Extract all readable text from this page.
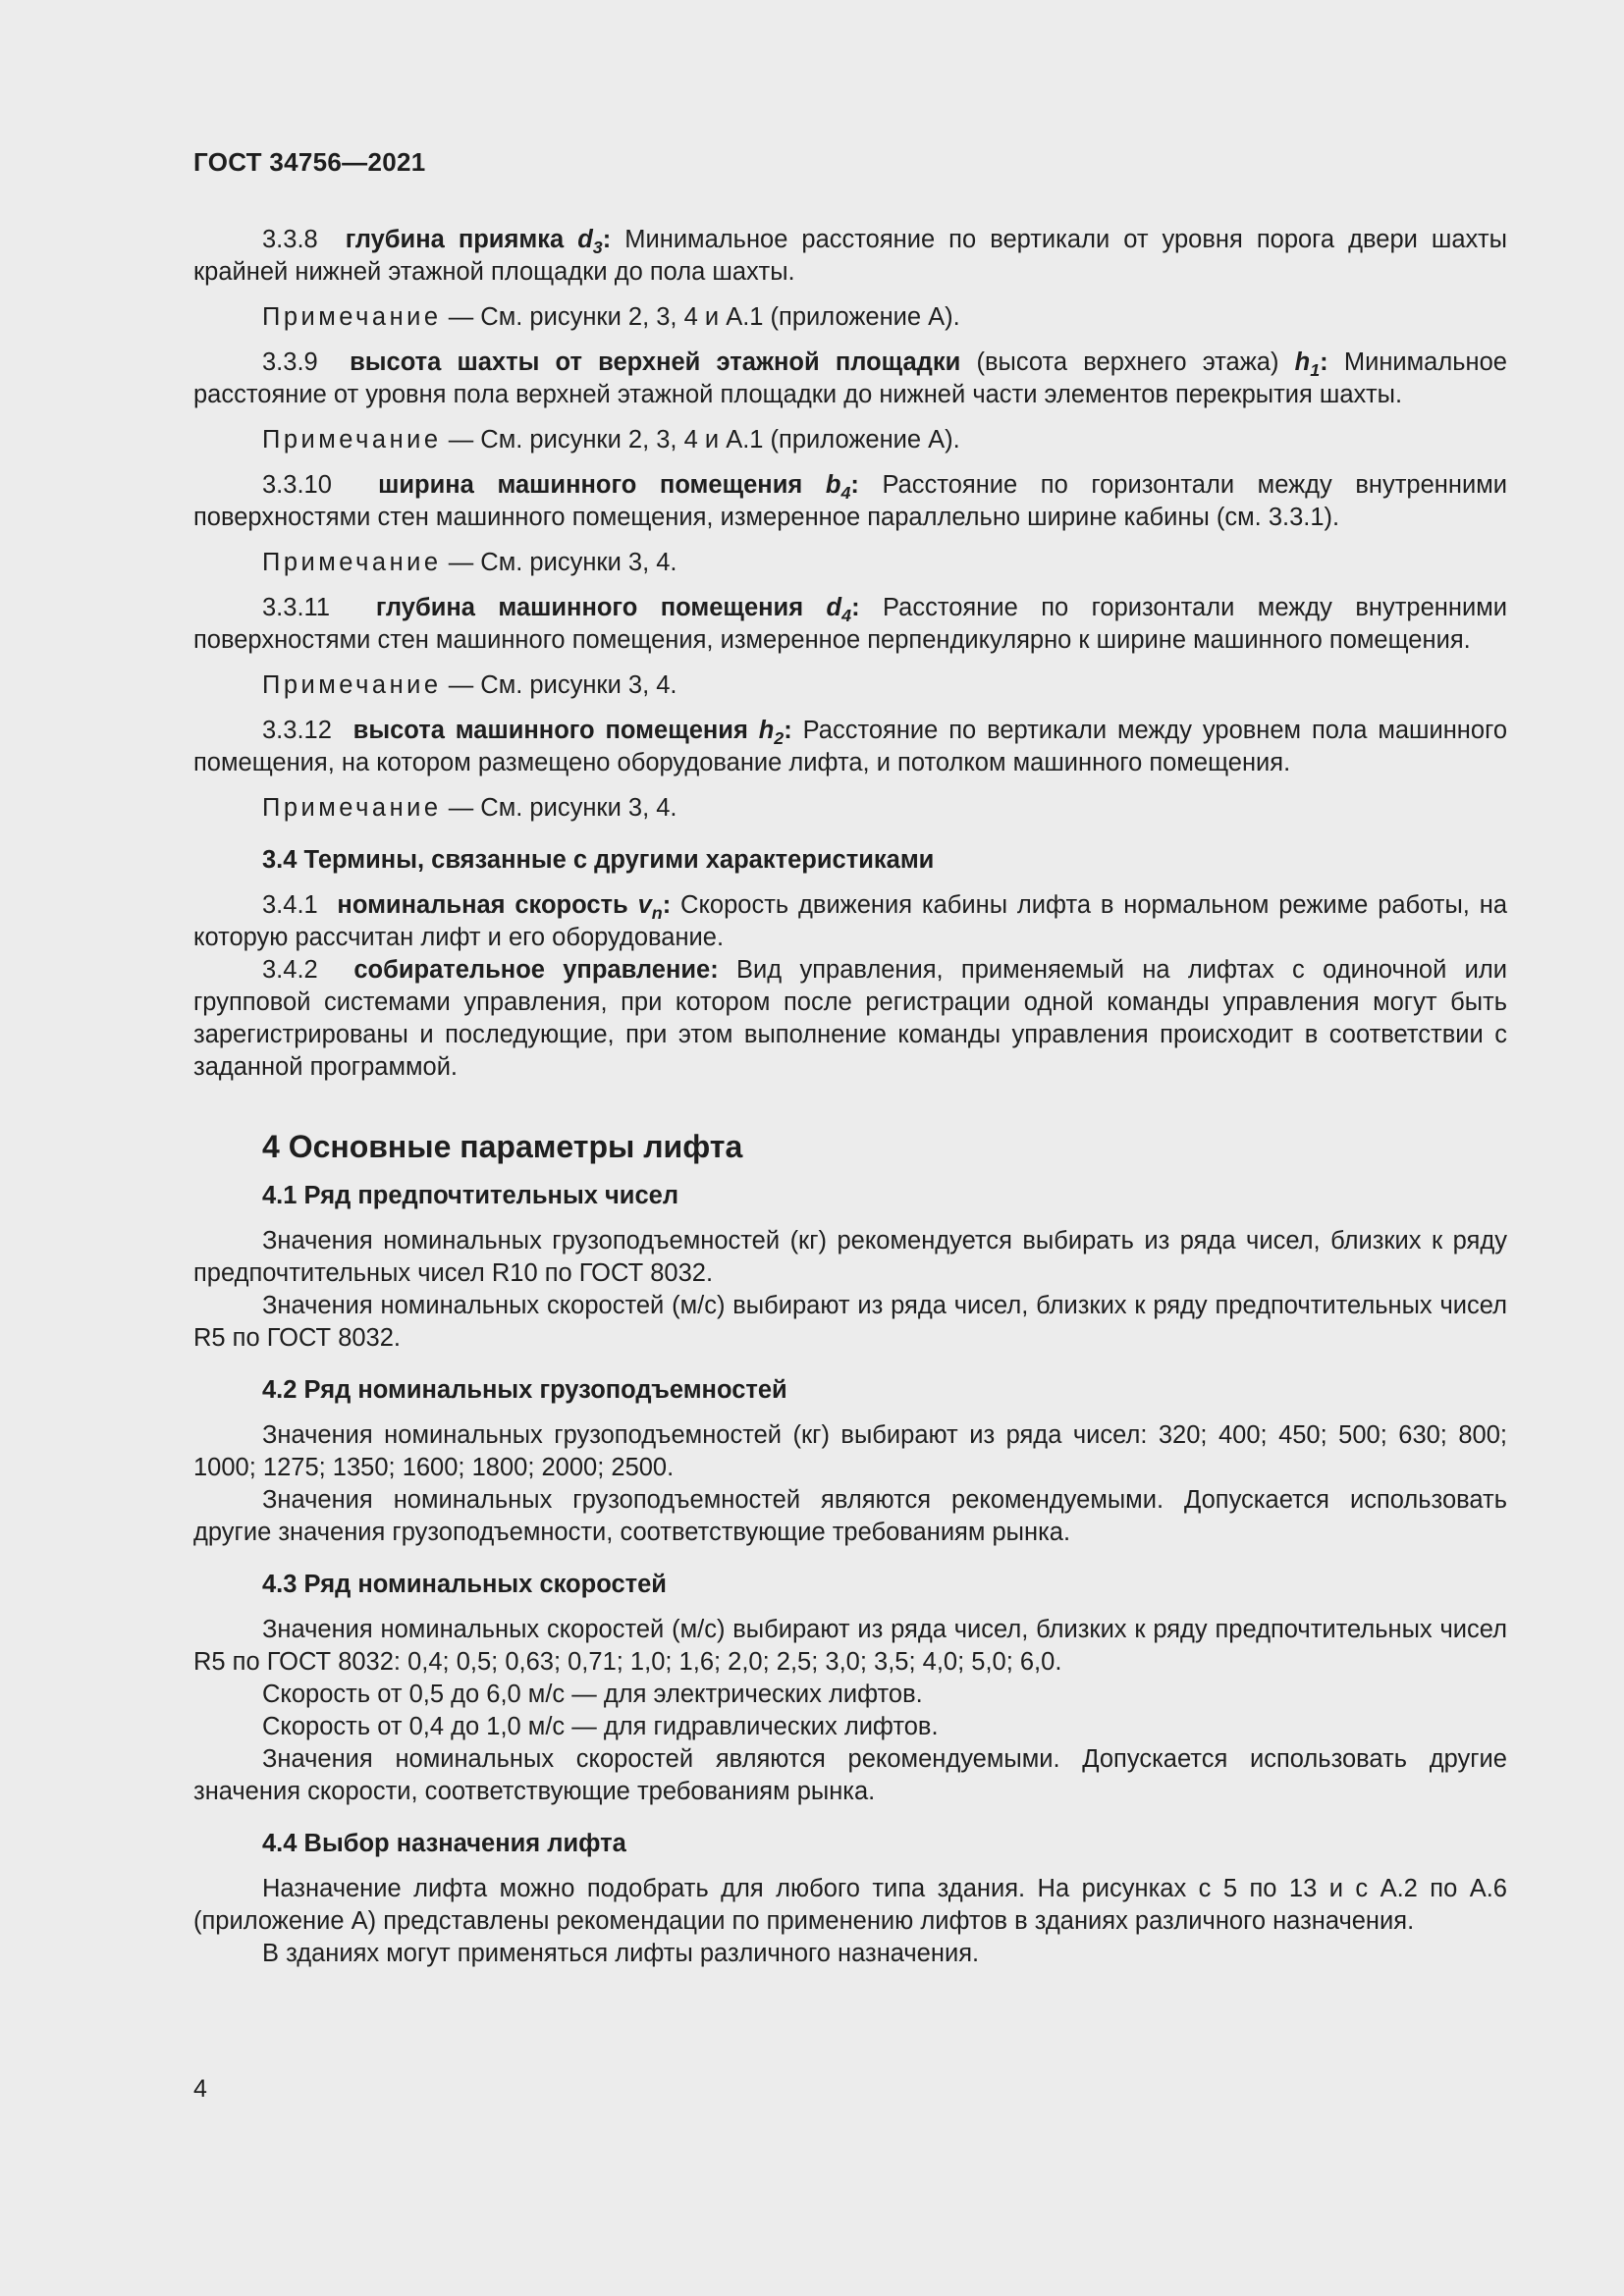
ГОСТ 34756—2021

3.3.8 глубина приямка $d_3$: Минимальное расстояние по вертикали от уровня порога двери шахты крайней нижней этажной площадки до пола шахты.

Примечание — См. рисунки 2, 3, 4 и А.1 (приложение А).

3.3.9 высота шахты от верхней этажной площадки (высота верхнего этажа) $h_1$: Минимальное расстояние от уровня пола верхней этажной площадки до нижней части элементов перекрытия шахты.

Примечание — См. рисунки 2, 3, 4 и А.1 (приложение А).

3.3.10 ширина машинного помещения $b_4$: Расстояние по горизонтали между внутренними поверхностями стен машинного помещения, измеренное параллельно ширине кабины (см. 3.3.1).

Примечание — См. рисунки 3, 4.

3.3.11 глубина машинного помещения $d_4$: Расстояние по горизонтали между внутренними поверхностями стен машинного помещения, измеренное перпендикулярно к ширине машинного помещения.

Примечание — См. рисунки 3, 4.

3.3.12 высота машинного помещения $h_2$: Расстояние по вертикали между уровнем пола машинного помещения, на котором размещено оборудование лифта, и потолком машинного помещения.

Примечание — См. рисунки 3, 4.

3.4 Термины, связанные с другими характеристиками

3.4.1 номинальная скорость $v_n$: Скорость движения кабины лифта в нормальном режиме работы, на которую рассчитан лифт и его оборудование.

3.4.2 собирательное управление: Вид управления, применяемый на лифтах с одиночной или групповой системами управления, при котором после регистрации одной команды управления могут быть зарегистрированы и последующие, при этом выполнение команды управления происходит в соответствии с заданной программой.

4 Основные параметры лифта
4.1 Ряд предпочтительных чисел

Значения номинальных грузоподъемностей (кг) рекомендуется выбирать из ряда чисел, близких к ряду предпочтительных чисел R10 по ГОСТ 8032.

Значения номинальных скоростей (м/с) выбирают из ряда чисел, близких к ряду предпочтительных чисел R5 по ГОСТ 8032.

4.2 Ряд номинальных грузоподъемностей

Значения номинальных грузоподъемностей (кг) выбирают из ряда чисел: 320; 400; 450; 500; 630; 800; 1000; 1275; 1350; 1600; 1800; 2000; 2500.

Значения номинальных грузоподъемностей являются рекомендуемыми. Допускается использовать другие значения грузоподъемности, соответствующие требованиям рынка.

4.3 Ряд номинальных скоростей

Значения номинальных скоростей (м/с) выбирают из ряда чисел, близких к ряду предпочтительных чисел R5 по ГОСТ 8032: 0,4; 0,5; 0,63; 0,71; 1,0; 1,6; 2,0; 2,5; 3,0; 3,5; 4,0; 5,0; 6,0.

Скорость от 0,5 до 6,0 м/с — для электрических лифтов.

Скорость от 0,4 до 1,0 м/с — для гидравлических лифтов.

Значения номинальных скоростей являются рекомендуемыми. Допускается использовать другие значения скорости, соответствующие требованиям рынка.

4.4 Выбор назначения лифта

Назначение лифта можно подобрать для любого типа здания. На рисунках с 5 по 13 и с А.2 по А.6 (приложение А) представлены рекомендации по применению лифтов в зданиях различного назначения.

В зданиях могут применяться лифты различного назначения.

4
